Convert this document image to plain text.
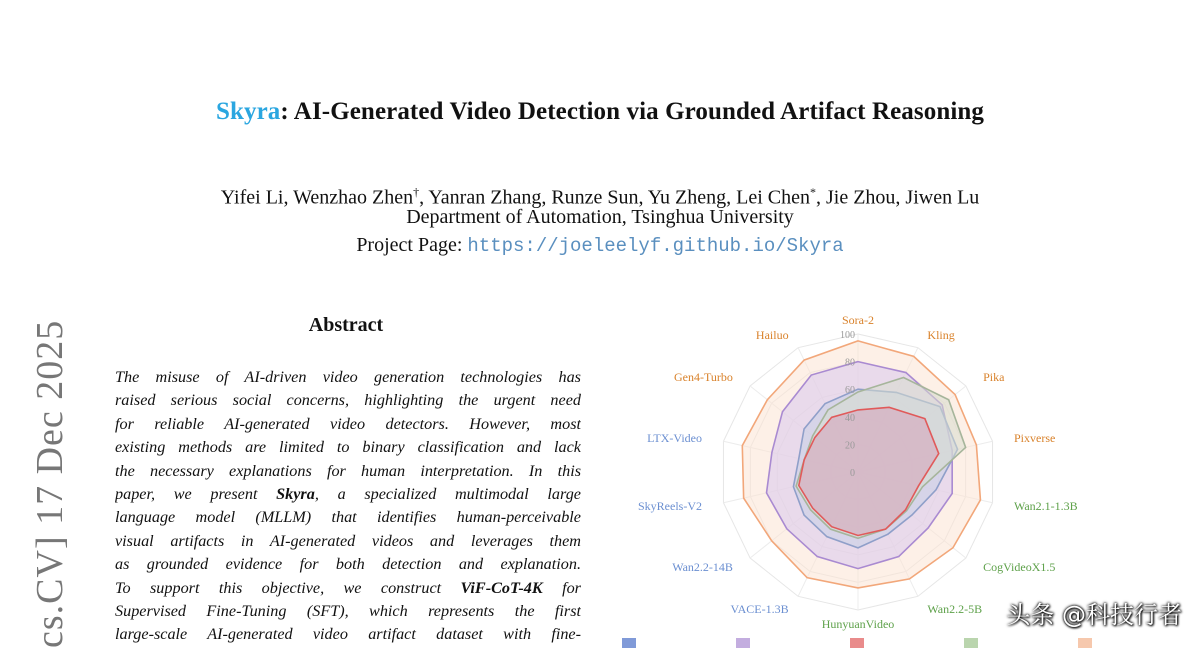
Skyra: AI-Generated Video Detection via Grounded Artifact Reasoning
Yifei Li, Wenzhao Zhen†, Yanran Zhang, Runze Sun, Yu Zheng, Lei Chen*, Jie Zhou, Jiwen Lu
Department of Automation, Tsinghua University
Project Page: https://joeleelyf.github.io/Skyra
cs.CV] 17 Dec 2025	Abstract
The misuse of AI-driven video generation technologies has
raised serious social concerns, highlighting the urgent need
for reliable AI-generated video detectors. However, most
existing methods are limited to binary classification and lack
the necessary explanations for human interpretation. In this
paper, we present Skyra, a specialized multimodal large
language model (MLLM) that identifies human-perceivable
visual artifacts in AI-generated videos and leverages them
as grounded evidence for both detection and explanation.
To support this objective, we construct ViF-CoT-4K for
Supervised Fine-Tuning (SFT), which represents the first
large-scale AI-generated video artifact dataset with fine-
100
80
60
40
20
0
Sora-2
Kling
Pika
Pixverse
Wan2.1-1.3B
CogVideoX1.5
Wan2.2-5B
HunyuanVideo
VACE-1.3B
Wan2.2-14B
SkyReels-V2
LTX-Video
Gen4-Turbo
Hailuo
头条 @科技行者
